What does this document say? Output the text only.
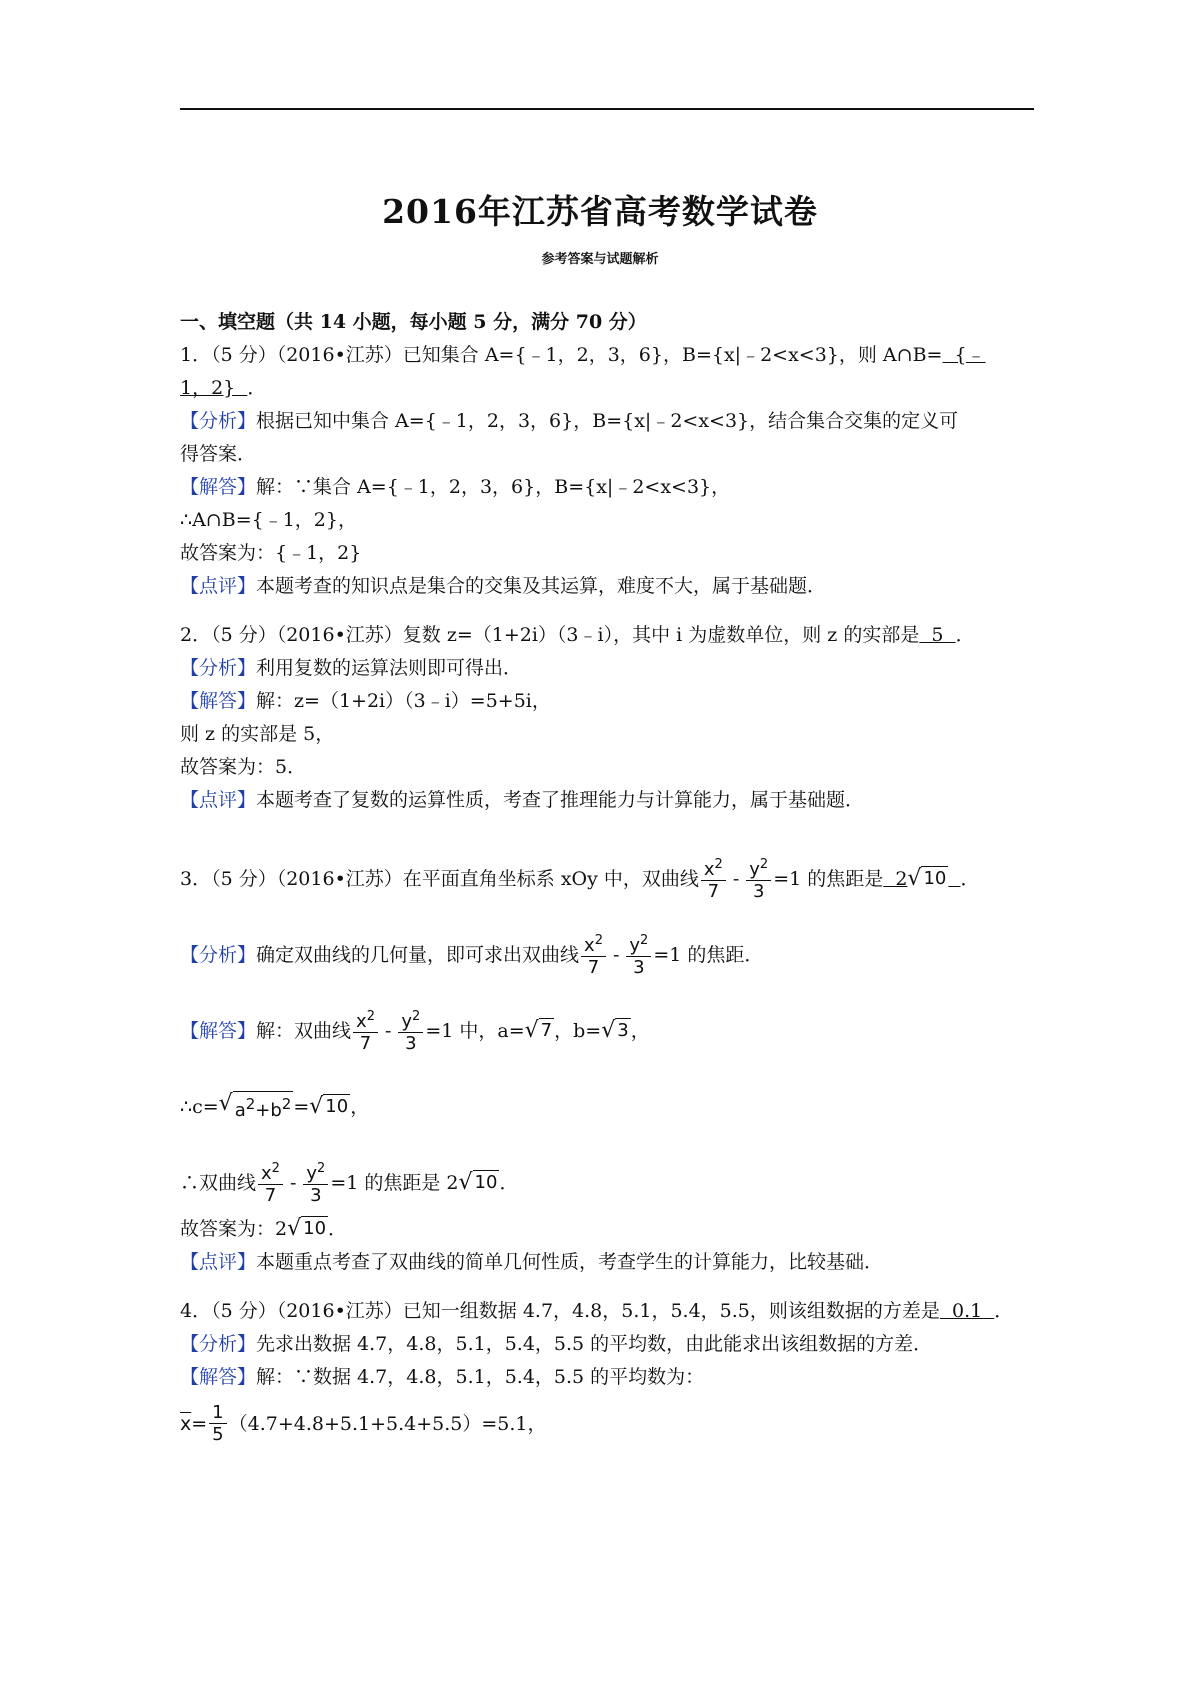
2016年江苏省高考数学试卷
参考答案与试题解析
一、填空题（共 14 小题，每小题 5 分，满分 70 分）
1．（5 分）（2016•江苏）已知集合 A={﹣1，2，3，6}，B={x|﹣2<x<3}，则 A∩B=  {﹣
1，2}  ．
【分析】根据已知中集合 A={﹣1，2，3，6}，B={x|﹣2<x<3}，结合集合交集的定义可
得答案．
【解答】解：∵集合 A={﹣1，2，3，6}，B={x|﹣2<x<3}，
∴A∩B={﹣1，2}，
故答案为：{﹣1，2}
【点评】本题考查的知识点是集合的交集及其运算，难度不大，属于基础题．
2．（5 分）（2016•江苏）复数 z=（1+2i）（3﹣i），其中 i 为虚数单位，则 z 的实部是  5  ．
【分析】利用复数的运算法则即可得出．
【解答】解：z=（1+2i）（3﹣i）=5+5i，
则 z 的实部是 5，
故答案为：5．
【点评】本题考查了复数的运算性质，考查了推理能力与计算能力，属于基础题．
3．（5 分）（2016•江苏）在平面直角坐标系 xOy 中，双曲线 $\frac{x^2}{7} - \frac{y^2}{3} =1$ 的焦距是 2 √ 10
．
【分析】 确定双曲线的几何量，即可求出双曲线 $\frac{x^2}{7} - \frac{y^2}{3} =1$ 的焦距．
【解答】 解：双曲线 $\frac{x^2}{7} - \frac{y^2}{3} =1$ 中，a= √ 7 ，b= √ 3 ，
∴c= √ $a^2+b^2$ = √ 10 ，
∴双曲线 $\frac{x^2}{7} - \frac{y^2}{3} =1$ 的焦距是 2 √ 10 ．
故答案为：2 √ 10 ．
【点评】本题重点考查了双曲线的简单几何性质，考查学生的计算能力，比较基础．
4．（5 分）（2016•江苏）已知一组数据 4.7，4.8，5.1，5.4，5.5，则该组数据的方差是  0.1  ．
【分析】先求出数据 4.7，4.8，5.1，5.4，5.5 的平均数，由此能求出该组数据的方差．
【解答】解：∵数据 4.7，4.8，5.1，5.4，5.5 的平均数为：
$\overline{x} = \frac{1}{5} (4.7+4.8+5.1+5.4+5.5)=5.1$，
